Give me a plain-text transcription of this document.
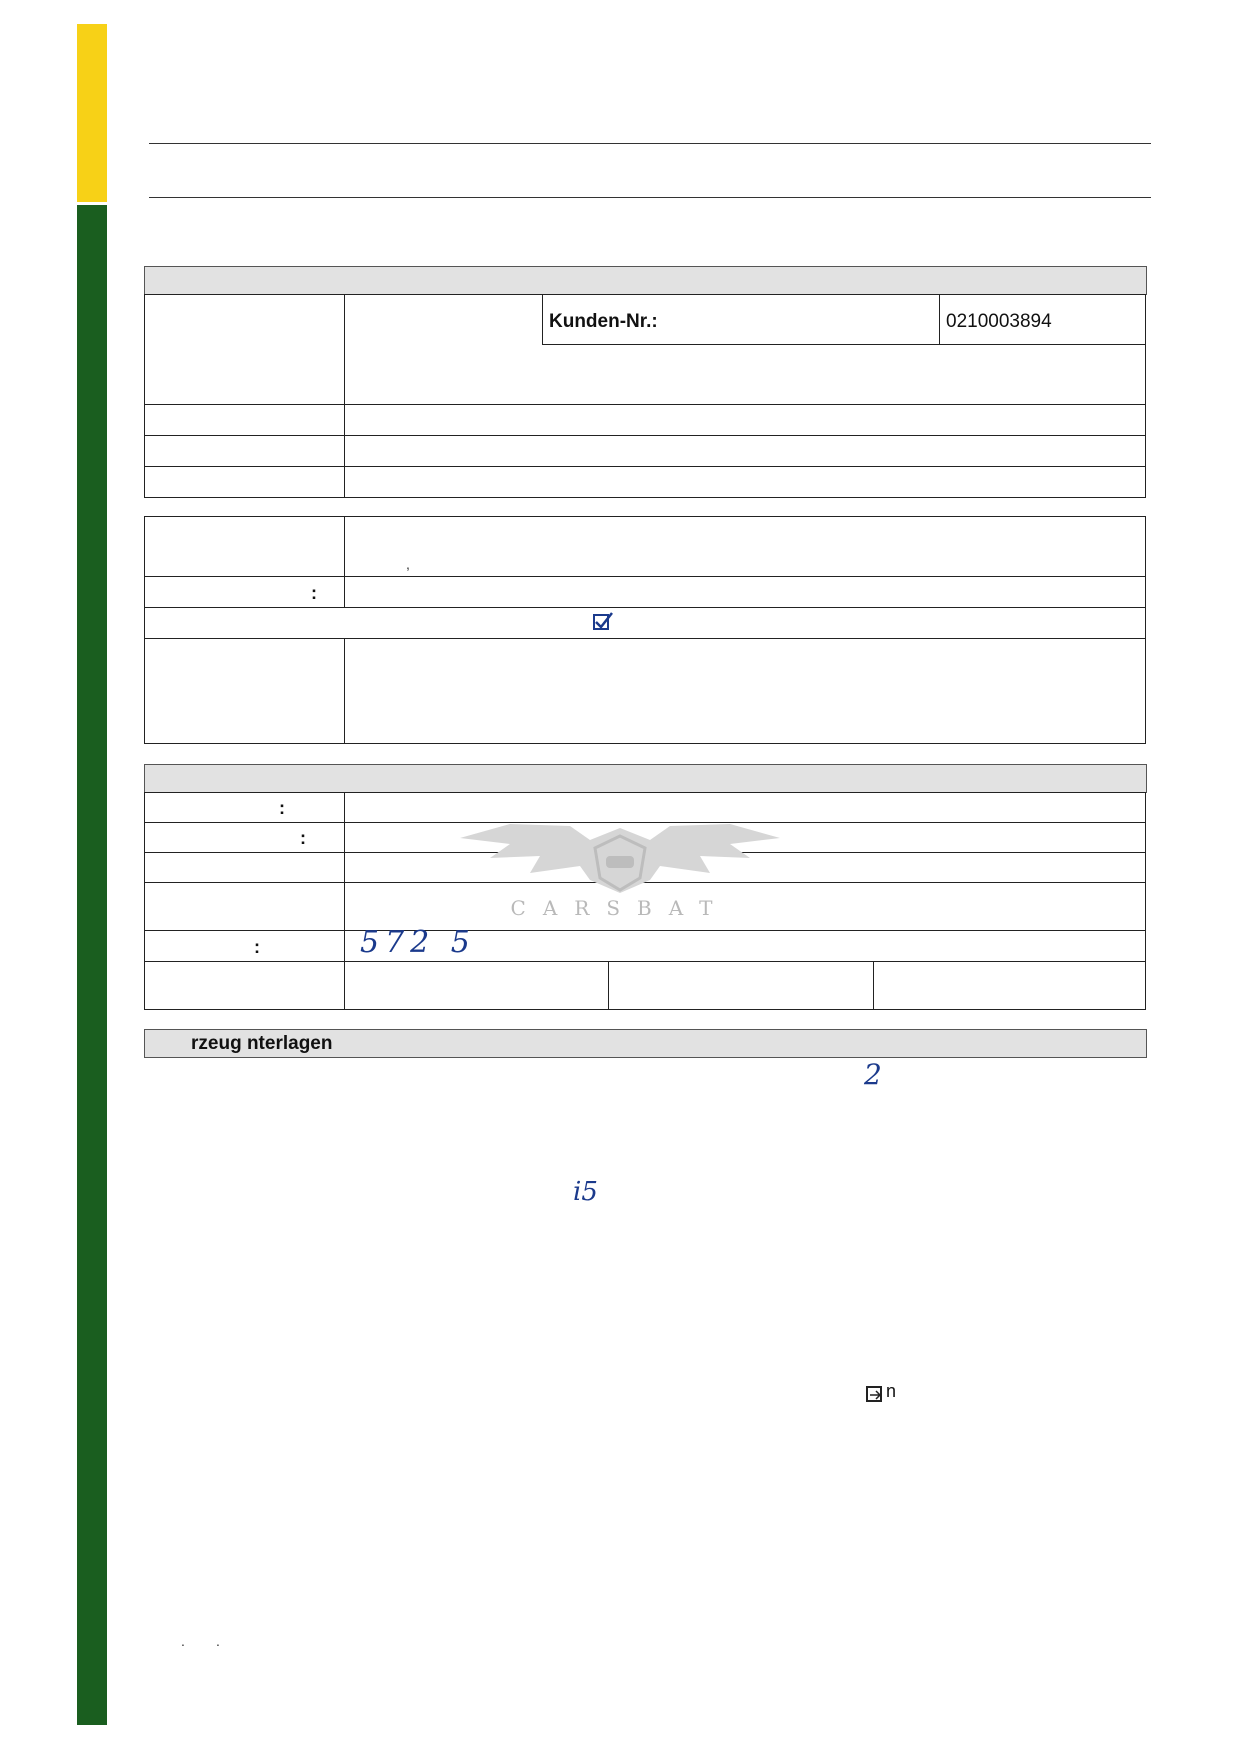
Kunden-Nr.:	0210003894
:
,
:
:
:	572 5
CARSBAT
rzeug nterlagen
2
i5
n
. .
